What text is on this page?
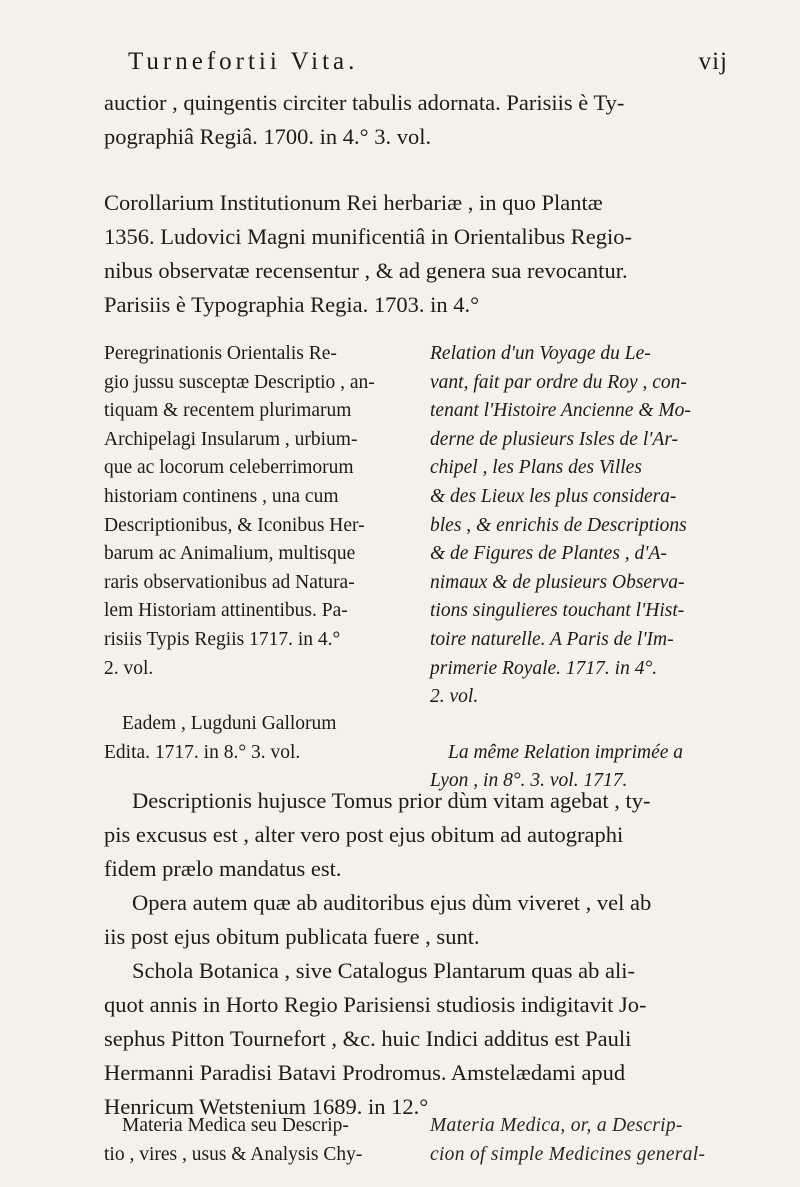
Turnefortii Vita.	vij

auctior , quingentis circiter tabulis adornata. Parisiis è Ty-

pographiâ Regiâ. 1700. in 4.° 3. vol.

Corollarium Institutionum Rei herbariæ , in quo Plantæ

1356. Ludovici Magni munificentiâ in Orientalibus Regio-

nibus observatæ recensentur , & ad genera sua revocantur.

Parisiis è Typographia Regia. 1703. in 4.°

Peregrinationis Orientalis Re-

gio jussu susceptæ Descriptio , an-

tiquam & recentem plurimarum

Archipelagi Insularum , urbium-

que ac locorum celeberrimorum

historiam continens , una cum

Descriptionibus, & Iconibus Her-

barum ac Animalium, multisque

raris observationibus ad Natura-

lem Historiam attinentibus. Pa-

risiis Typis Regiis 1717. in 4.°

2. vol.

Eadem , Lugduni Gallorum

Edita. 1717. in 8.° 3. vol.

Relation d'un Voyage du Le-

vant, fait par ordre du Roy , con-

tenant l'Histoire Ancienne & Mo-

derne de plusieurs Isles de l'Ar-

chipel , les Plans des Villes

& des Lieux les plus considera-

bles , & enrichis de Descriptions

& de Figures de Plantes , d'A-

nimaux & de plusieurs Observa-

tions singulieres touchant l'Hist-

toire naturelle. A Paris de l'Im-

primerie Royale. 1717. in 4°.

2. vol.

La même Relation imprimée a

Lyon , in 8°. 3. vol. 1717.

Descriptionis hujusce Tomus prior dùm vitam agebat , ty-

pis excusus est , alter vero post ejus obitum ad autographi

fidem prælo mandatus est.

Opera autem quæ ab auditoribus ejus dùm viveret , vel ab

iis post ejus obitum publicata fuere , sunt.

Schola Botanica , sive Catalogus Plantarum quas ab ali-

quot annis in Horto Regio Parisiensi studiosis indigitavit Jo-

sephus Pitton Tournefort , &c. huic Indici additus est Pauli

Hermanni Paradisi Batavi Prodromus. Amstelædami apud

Henricum Wetstenium 1689. in 12.°

Materia Medica seu Descrip-

tio , vires , usus & Analysis Chy-

Materia Medica, or, a Descrip-

cion of simple Medicines general-
